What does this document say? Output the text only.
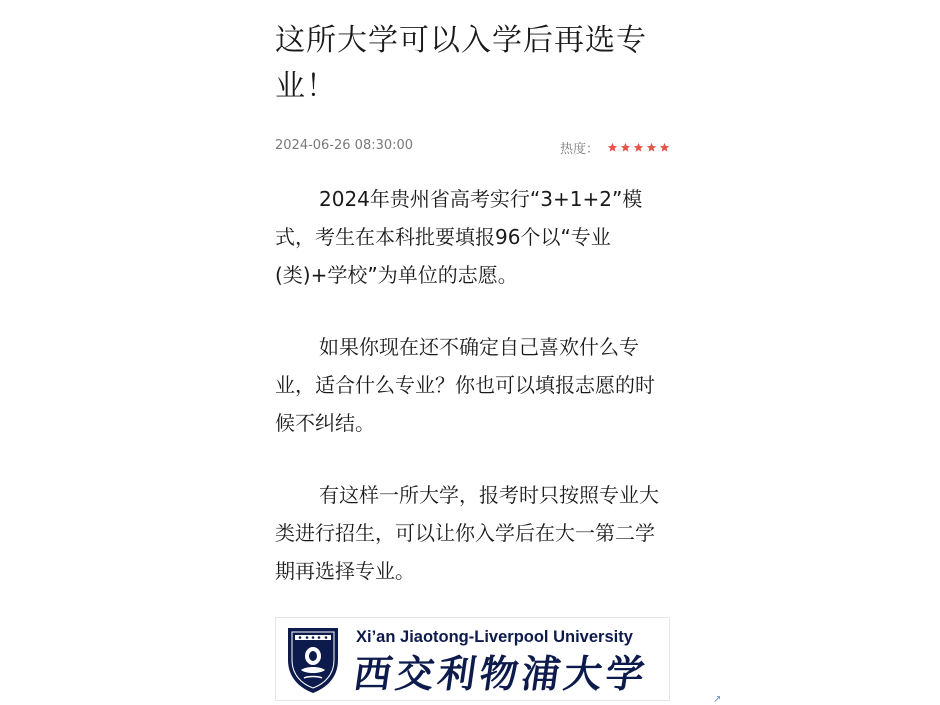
这所大学可以入学后再选专业！
2024-06-26 08:30:00	热度：

2024年贵州省高考实行“3+1+2”模式，考生在本科批要填报96个以“专业(类)+学校”为单位的志愿。

如果你现在还不确定自己喜欢什么专业，适合什么专业？你也可以填报志愿的时候不纠结。

有这样一所大学，报考时只按照专业大类进行招生，可以让你入学后在大一第二学期再选择专业。

Xi’an Jiaotong-Liverpool University
西交利物浦大学
↗
